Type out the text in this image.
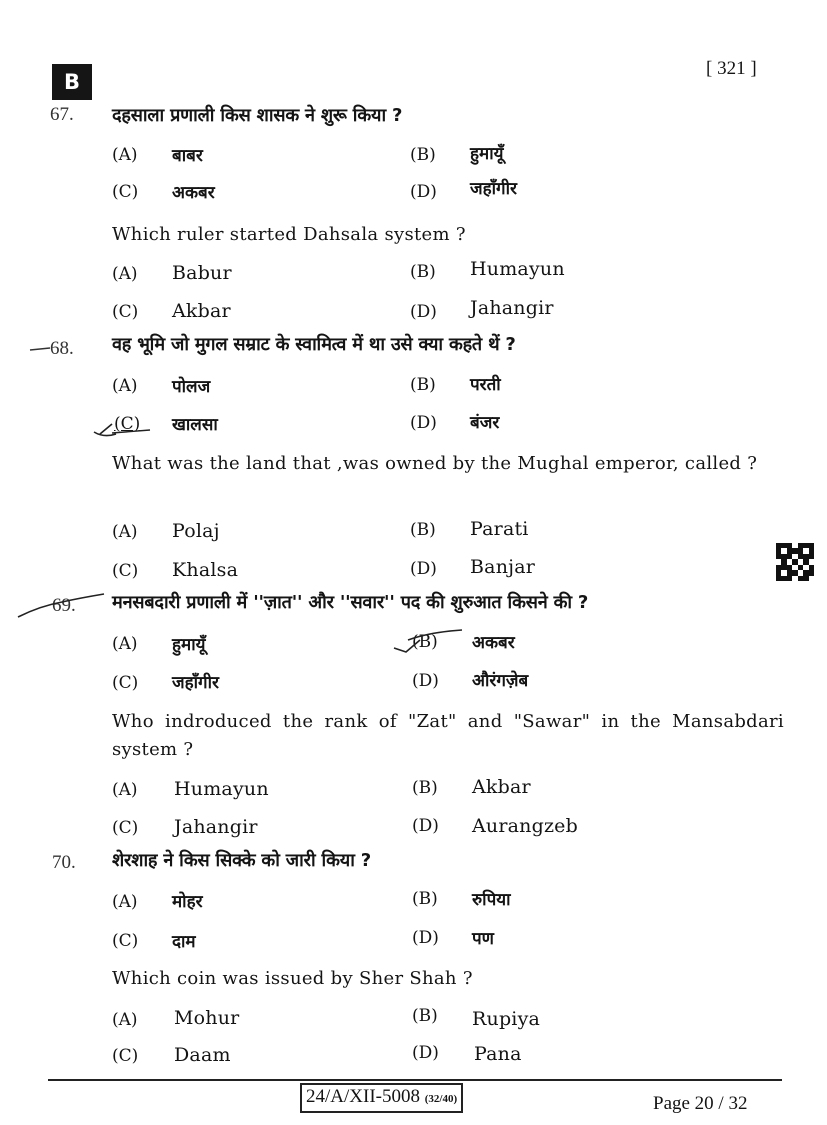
B
[ 321 ]
67. दहसाला प्रणाली किस शासक ने शुरू किया ?
(A) बाबर	(B) हुमायूँ
(C) अकबर	(D) जहाँगीर
Which ruler started Dahsala system ?
(A) Babur	(B) Humayun
(C) Akbar	(D) Jahangir
68. वह भूमि जो मुगल सम्राट के स्वामित्व में था उसे क्या कहते थें ?
(A) पोलज	(B) परती
(C) खालसा	(D) बंजर
What was the land that ,was owned by the Mughal emperor, called ?
(A) Polaj	(B) Parati
(C) Khalsa	(D) Banjar
69. मनसबदारी प्रणाली में ''ज़ात'' और ''सवार'' पद की शुरुआत किसने की ?
(A) हुमायूँ	(B) अकबर
(C) जहाँगीर	(D) औरंगज़ेब
Who indroduced the rank of "Zat" and "Sawar" in the Mansabdari system ?
(A) Humayun	(B) Akbar
(C) Jahangir	(D) Aurangzeb
70. शेरशाह ने किस सिक्के को जारी किया ?
(A) मोहर	(B) रुपिया
(C) दाम	(D) पण
Which coin was issued by Sher Shah ?
(A) Mohur	(B) Rupiya
(C) Daam	(D) Pana
24/A/XII-5008 (32/40)	Page 20 / 32
